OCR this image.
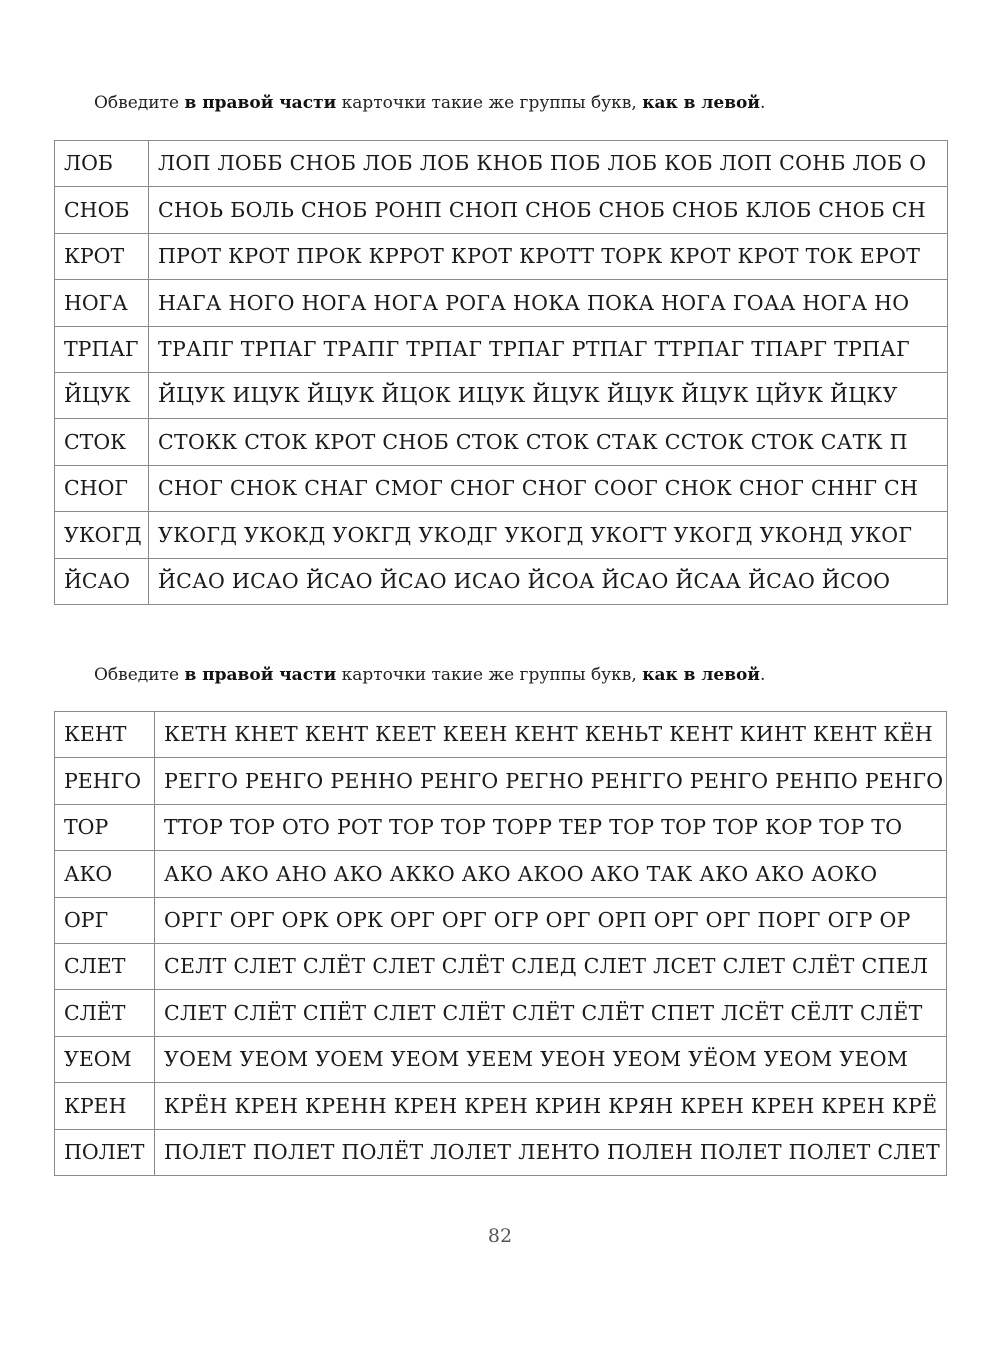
Обведите в правой части карточки такие же группы букв, как в левой.

ЛОБ	ЛОП ЛОББ СНОБ ЛОБ ЛОБ КНОБ ПОБ ЛОБ КОБ ЛОП СОНБ ЛОБ О
СНОБ	СНОЬ БОЛЬ СНОБ РОНП СНОП СНОБ СНОБ СНОБ КЛОБ СНОБ СН
КРОТ	ПРОТ КРОТ ПРОК КРРОТ КРОТ КРОТТ ТОРК КРОТ КРОТ ТОК ЕРОТ
НОГА	НАГА НОГО НОГА НОГА РОГА НОКА ПОКА НОГА ГОАА НОГА НО
ТРПАГ	ТРАПГ ТРПАГ ТРАПГ ТРПАГ ТРПАГ РТПАГ ТТРПАГ ТПАРГ ТРПАГ
ЙЦУК	ЙЦУК ИЦУК ЙЦУК ЙЦОК ИЦУК ЙЦУК ЙЦУК ЙЦУК ЦЙУК ЙЦКУ
СТОК	СТОКК СТОК КРОТ СНОБ СТОК СТОК СТАК ССТОК СТОК САТК П
СНОГ	СНОГ СНОК СНАГ СМОГ СНОГ СНОГ СООГ СНОК СНОГ СННГ СН
УКОГД	УКОГД УКОКД УОКГД УКОДГ УКОГД УКОГТ УКОГД УКОНД УКОГ
ЙСАО	ЙСАО ИСАО ЙСАО ЙСАО ИСАО ЙСОА ЙСАО ЙСАА ЙСАО ЙСОО

Обведите в правой части карточки такие же группы букв, как в левой.

КЕНТ	КЕТН КНЕТ КЕНТ КЕЕТ КЕЕН КЕНТ КЕНЬТ КЕНТ КИНТ КЕНТ КЁН
РЕНГО	РЕГГО РЕНГО РЕННО РЕНГО РЕГНО РЕНГГО РЕНГО РЕНПО РЕНГО
ТОР	ТТОР ТОР ОТО РОТ ТОР ТОР ТОРР ТЕР ТОР ТОР ТОР КОР ТОР ТО
АКО	АКО АКО АНО АКО АККО АКО АКОО АКО ТАК АКО АКО АОКО
ОРГ	ОРГГ ОРГ ОРК ОРК ОРГ ОРГ ОГР ОРГ ОРП ОРГ ОРГ ПОРГ ОГР ОР
СЛЕТ	СЕЛТ СЛЕТ СЛЁТ СЛЕТ СЛЁТ СЛЕД СЛЕТ ЛСЕТ СЛЕТ СЛЁТ СПЕЛ
СЛЁТ	СЛЕТ СЛЁТ СПЁТ СЛЕТ СЛЁТ СЛЁТ СЛЁТ СПЕТ ЛСЁТ СЁЛТ СЛЁТ
УЕОМ	УОЕМ УЕОМ УОЕМ УЕОМ УЕЕМ УЕОН УЕОМ УЁОМ УЕОМ УЕОМ
КРЕН	КРЁН КРЕН КРЕНН КРЕН КРЕН КРИН КРЯН КРЕН КРЕН КРЕН КРЁ
ПОЛЕТ	ПОЛЕТ ПОЛЕТ ПОЛЁТ ЛОЛЕТ ЛЕНТО ПОЛЕН ПОЛЕТ ПОЛЕТ СЛЕТ
82
